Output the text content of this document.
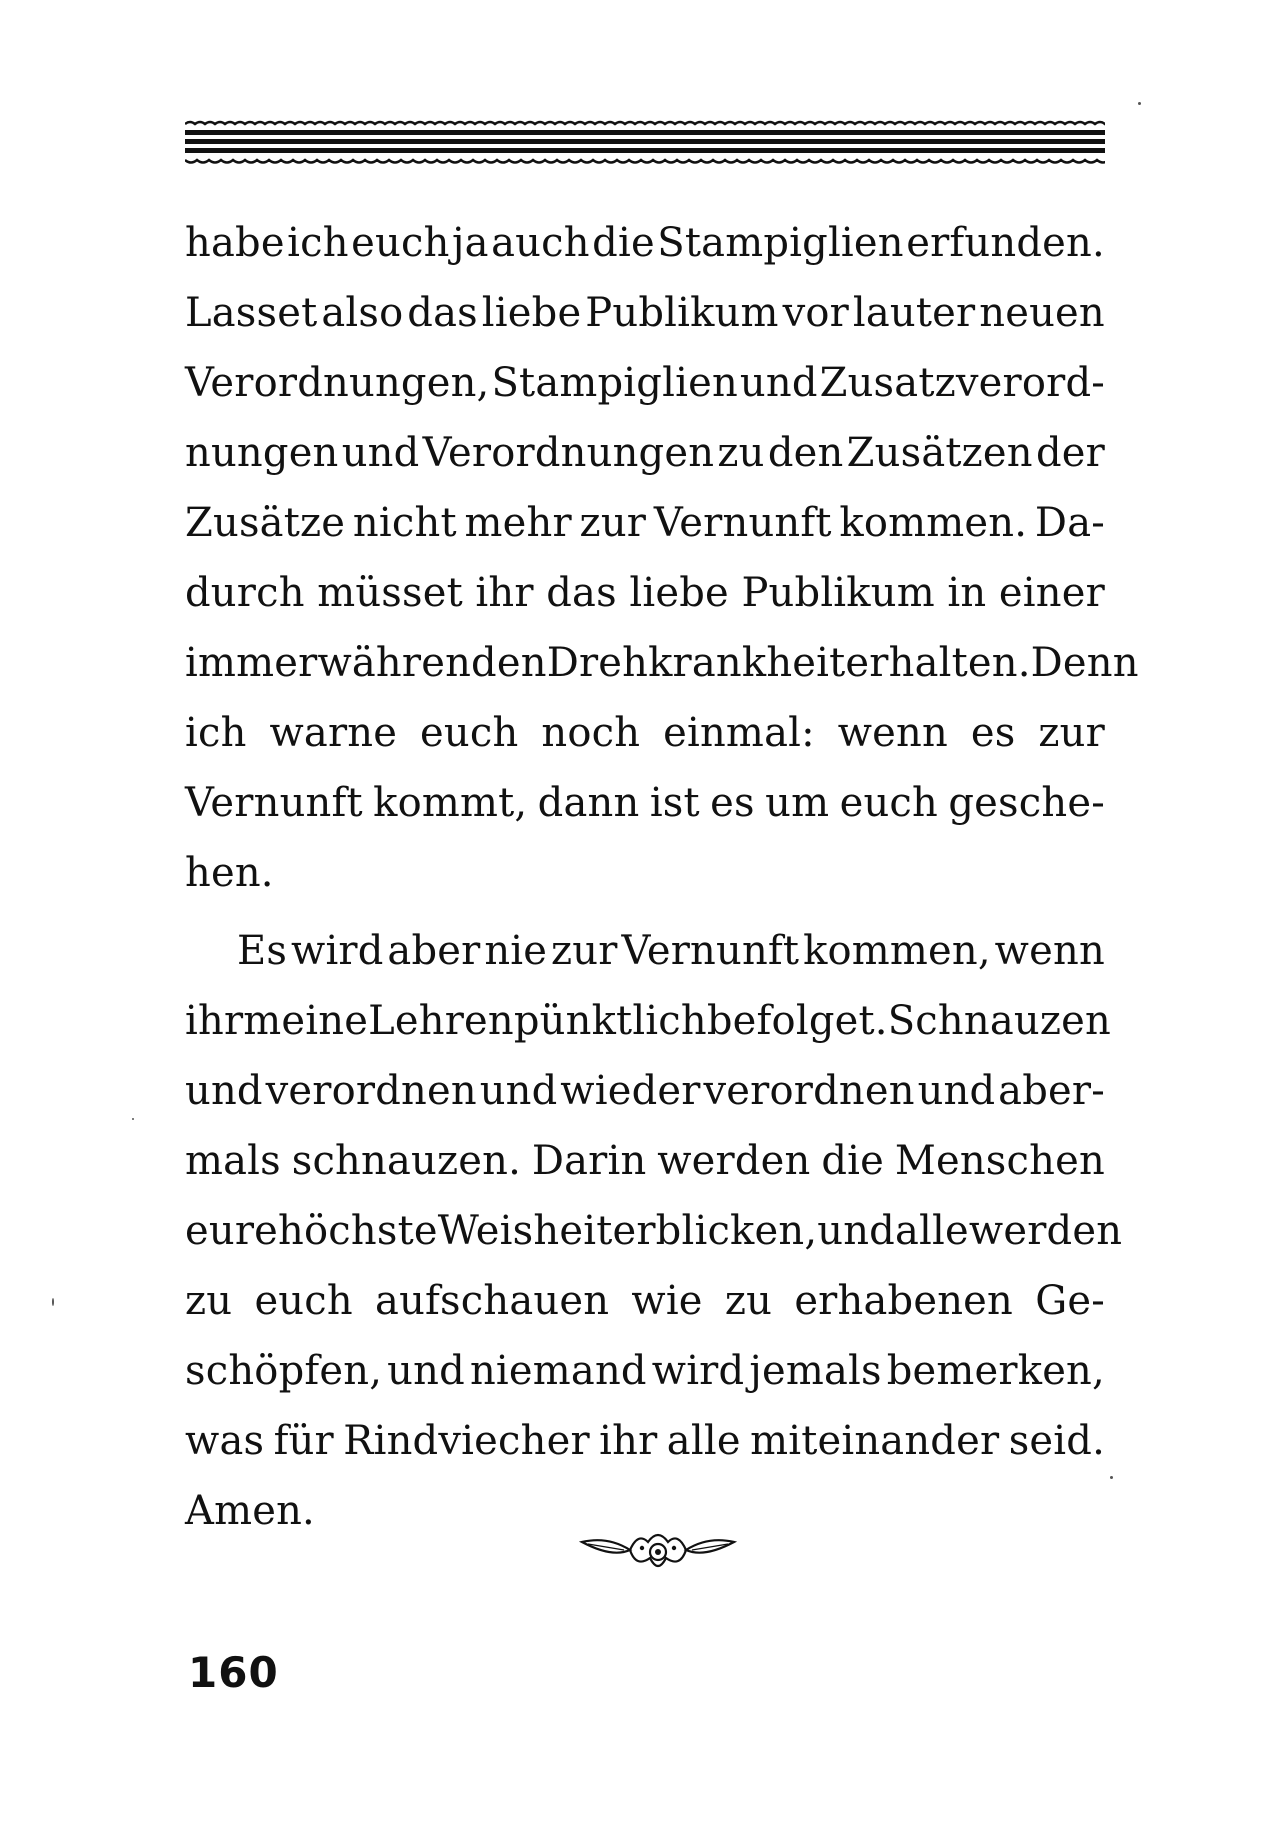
habe ich euch ja auch die Stampiglien erfunden.
Lasset also das liebe Publikum vor lauter neuen
Verordnungen, Stampiglien und Zusatzverord-
nungen und Verordnungen zu den Zusätzen der
Zusätze nicht mehr zur Vernunft kommen. Da-
durch müsset ihr das liebe Publikum in einer
immerwährenden Drehkrankheit erhalten. Denn
ich warne euch noch einmal: wenn es zur
Vernunft kommt, dann ist es um euch gesche-
hen.
Es wird aber nie zur Vernunft kommen, wenn
ihr meine Lehren pünktlich befolget. Schnauzen
und verordnen und wieder verordnen und aber-
mals schnauzen. Darin werden die Menschen
eure höchste Weisheit erblicken, und alle werden
zu euch aufschauen wie zu erhabenen Ge-
schöpfen, und niemand wird jemals bemerken,
was für Rindviecher ihr alle miteinander seid.
Amen.
160
